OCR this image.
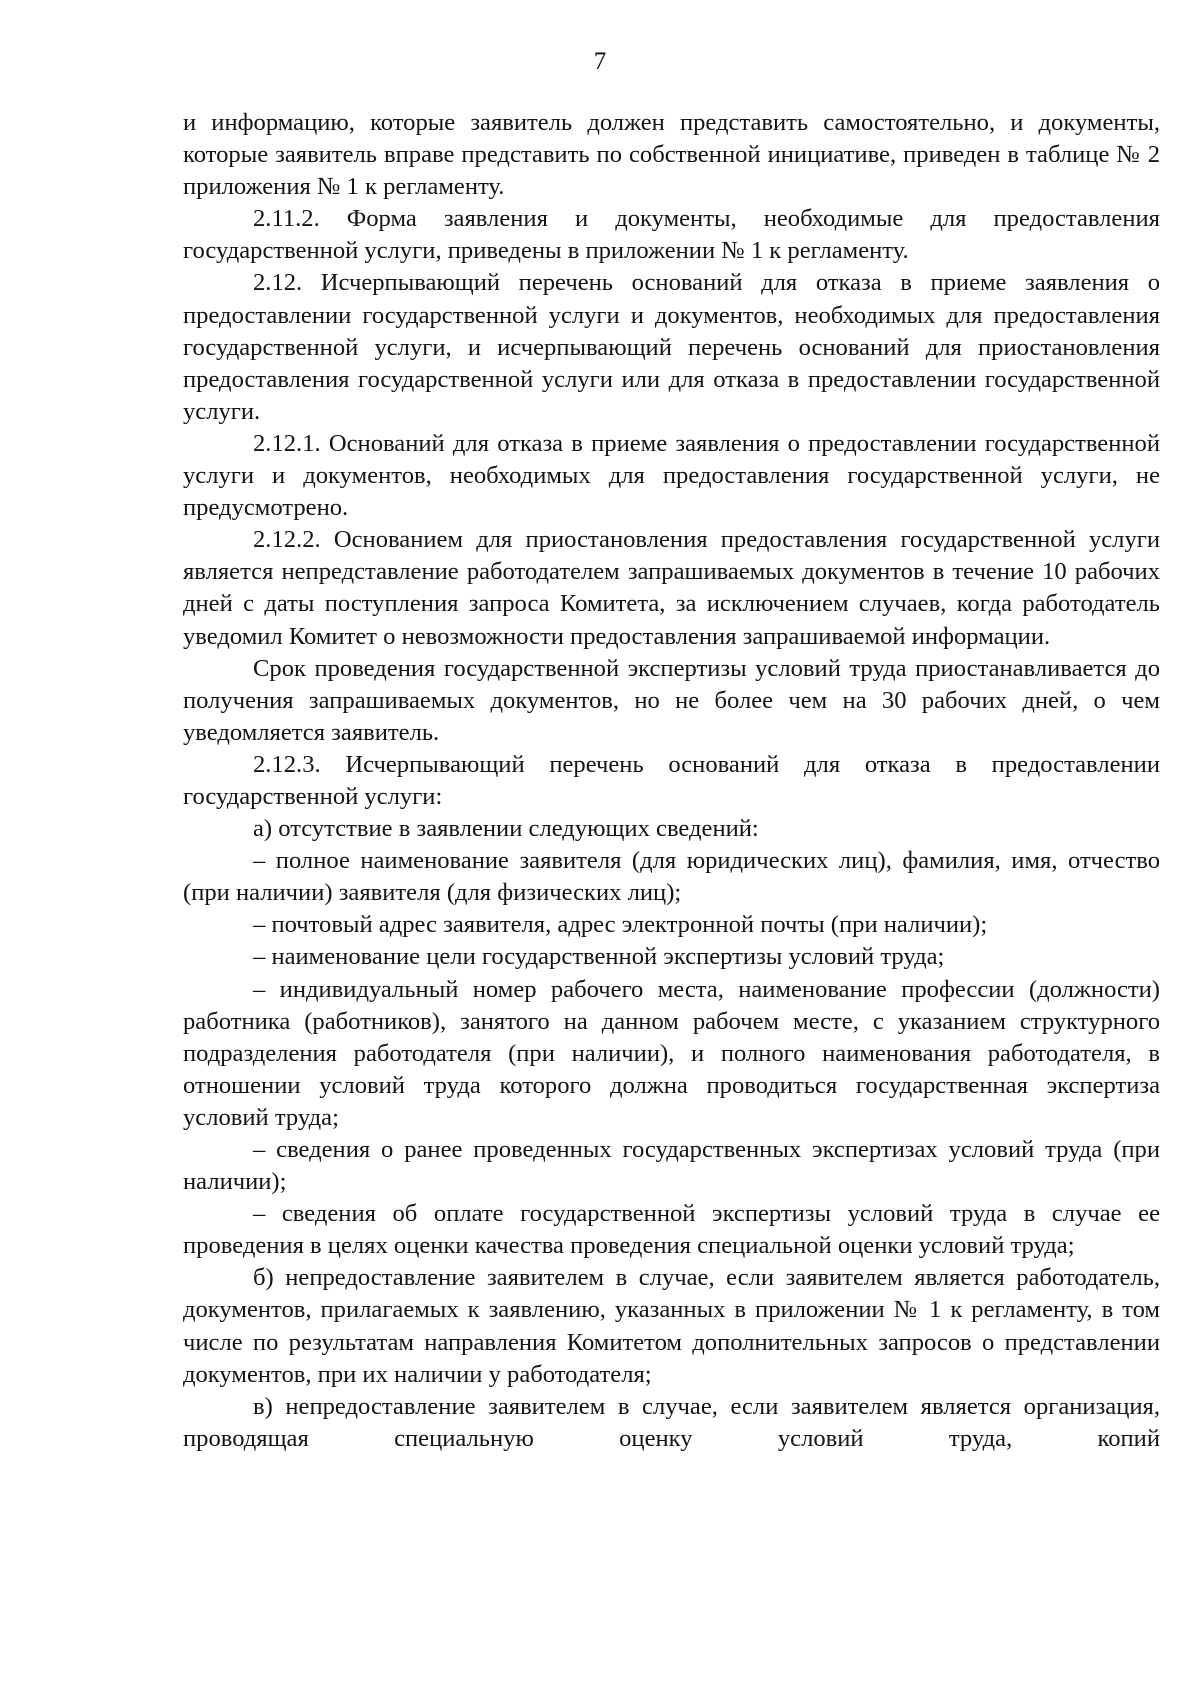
7

и информацию, которые заявитель должен представить самостоятельно, и документы, которые заявитель вправе представить по собственной инициативе, приведен в таблице № 2 приложения № 1 к регламенту.

2.11.2. Форма заявления и документы, необходимые для предоставления государственной услуги, приведены в приложении № 1 к регламенту.

2.12. Исчерпывающий перечень оснований для отказа в приеме заявления о предоставлении государственной услуги и документов, необходимых для предоставления государственной услуги, и исчерпывающий перечень оснований для приостановления предоставления государственной услуги или для отказа в предоставлении государственной услуги.

2.12.1. Оснований для отказа в приеме заявления о предоставлении государственной услуги и документов, необходимых для предоставления государственной услуги, не предусмотрено.

2.12.2. Основанием для приостановления предоставления государственной услуги является непредставление работодателем запрашиваемых документов в течение 10 рабочих дней с даты поступления запроса Комитета, за исключением случаев, когда работодатель уведомил Комитет о невозможности предоставления запрашиваемой информации.

Срок проведения государственной экспертизы условий труда приостанавливается до получения запрашиваемых документов, но не более чем на 30 рабочих дней, о чем уведомляется заявитель.

2.12.3. Исчерпывающий перечень оснований для отказа в предоставлении государственной услуги:

а) отсутствие в заявлении следующих сведений:

– полное наименование заявителя (для юридических лиц), фамилия, имя, отчество (при наличии) заявителя (для физических лиц);

– почтовый адрес заявителя, адрес электронной почты (при наличии);

– наименование цели государственной экспертизы условий труда;

– индивидуальный номер рабочего места, наименование профессии (должности) работника (работников), занятого на данном рабочем месте, с указанием структурного подразделения работодателя (при наличии), и полного наименования работодателя, в отношении условий труда которого должна проводиться государственная экспертиза условий труда;

– сведения о ранее проведенных государственных экспертизах условий труда (при наличии);

– сведения об оплате государственной экспертизы условий труда в случае ее проведения в целях оценки качества проведения специальной оценки условий труда;

б) непредоставление заявителем в случае, если заявителем является работодатель, документов, прилагаемых к заявлению, указанных в приложении № 1 к регламенту, в том числе по результатам направления Комитетом дополнительных запросов о представлении документов, при их наличии у работодателя;

в) непредоставление заявителем в случае, если заявителем является организация, проводящая специальную оценку условий труда, копий
